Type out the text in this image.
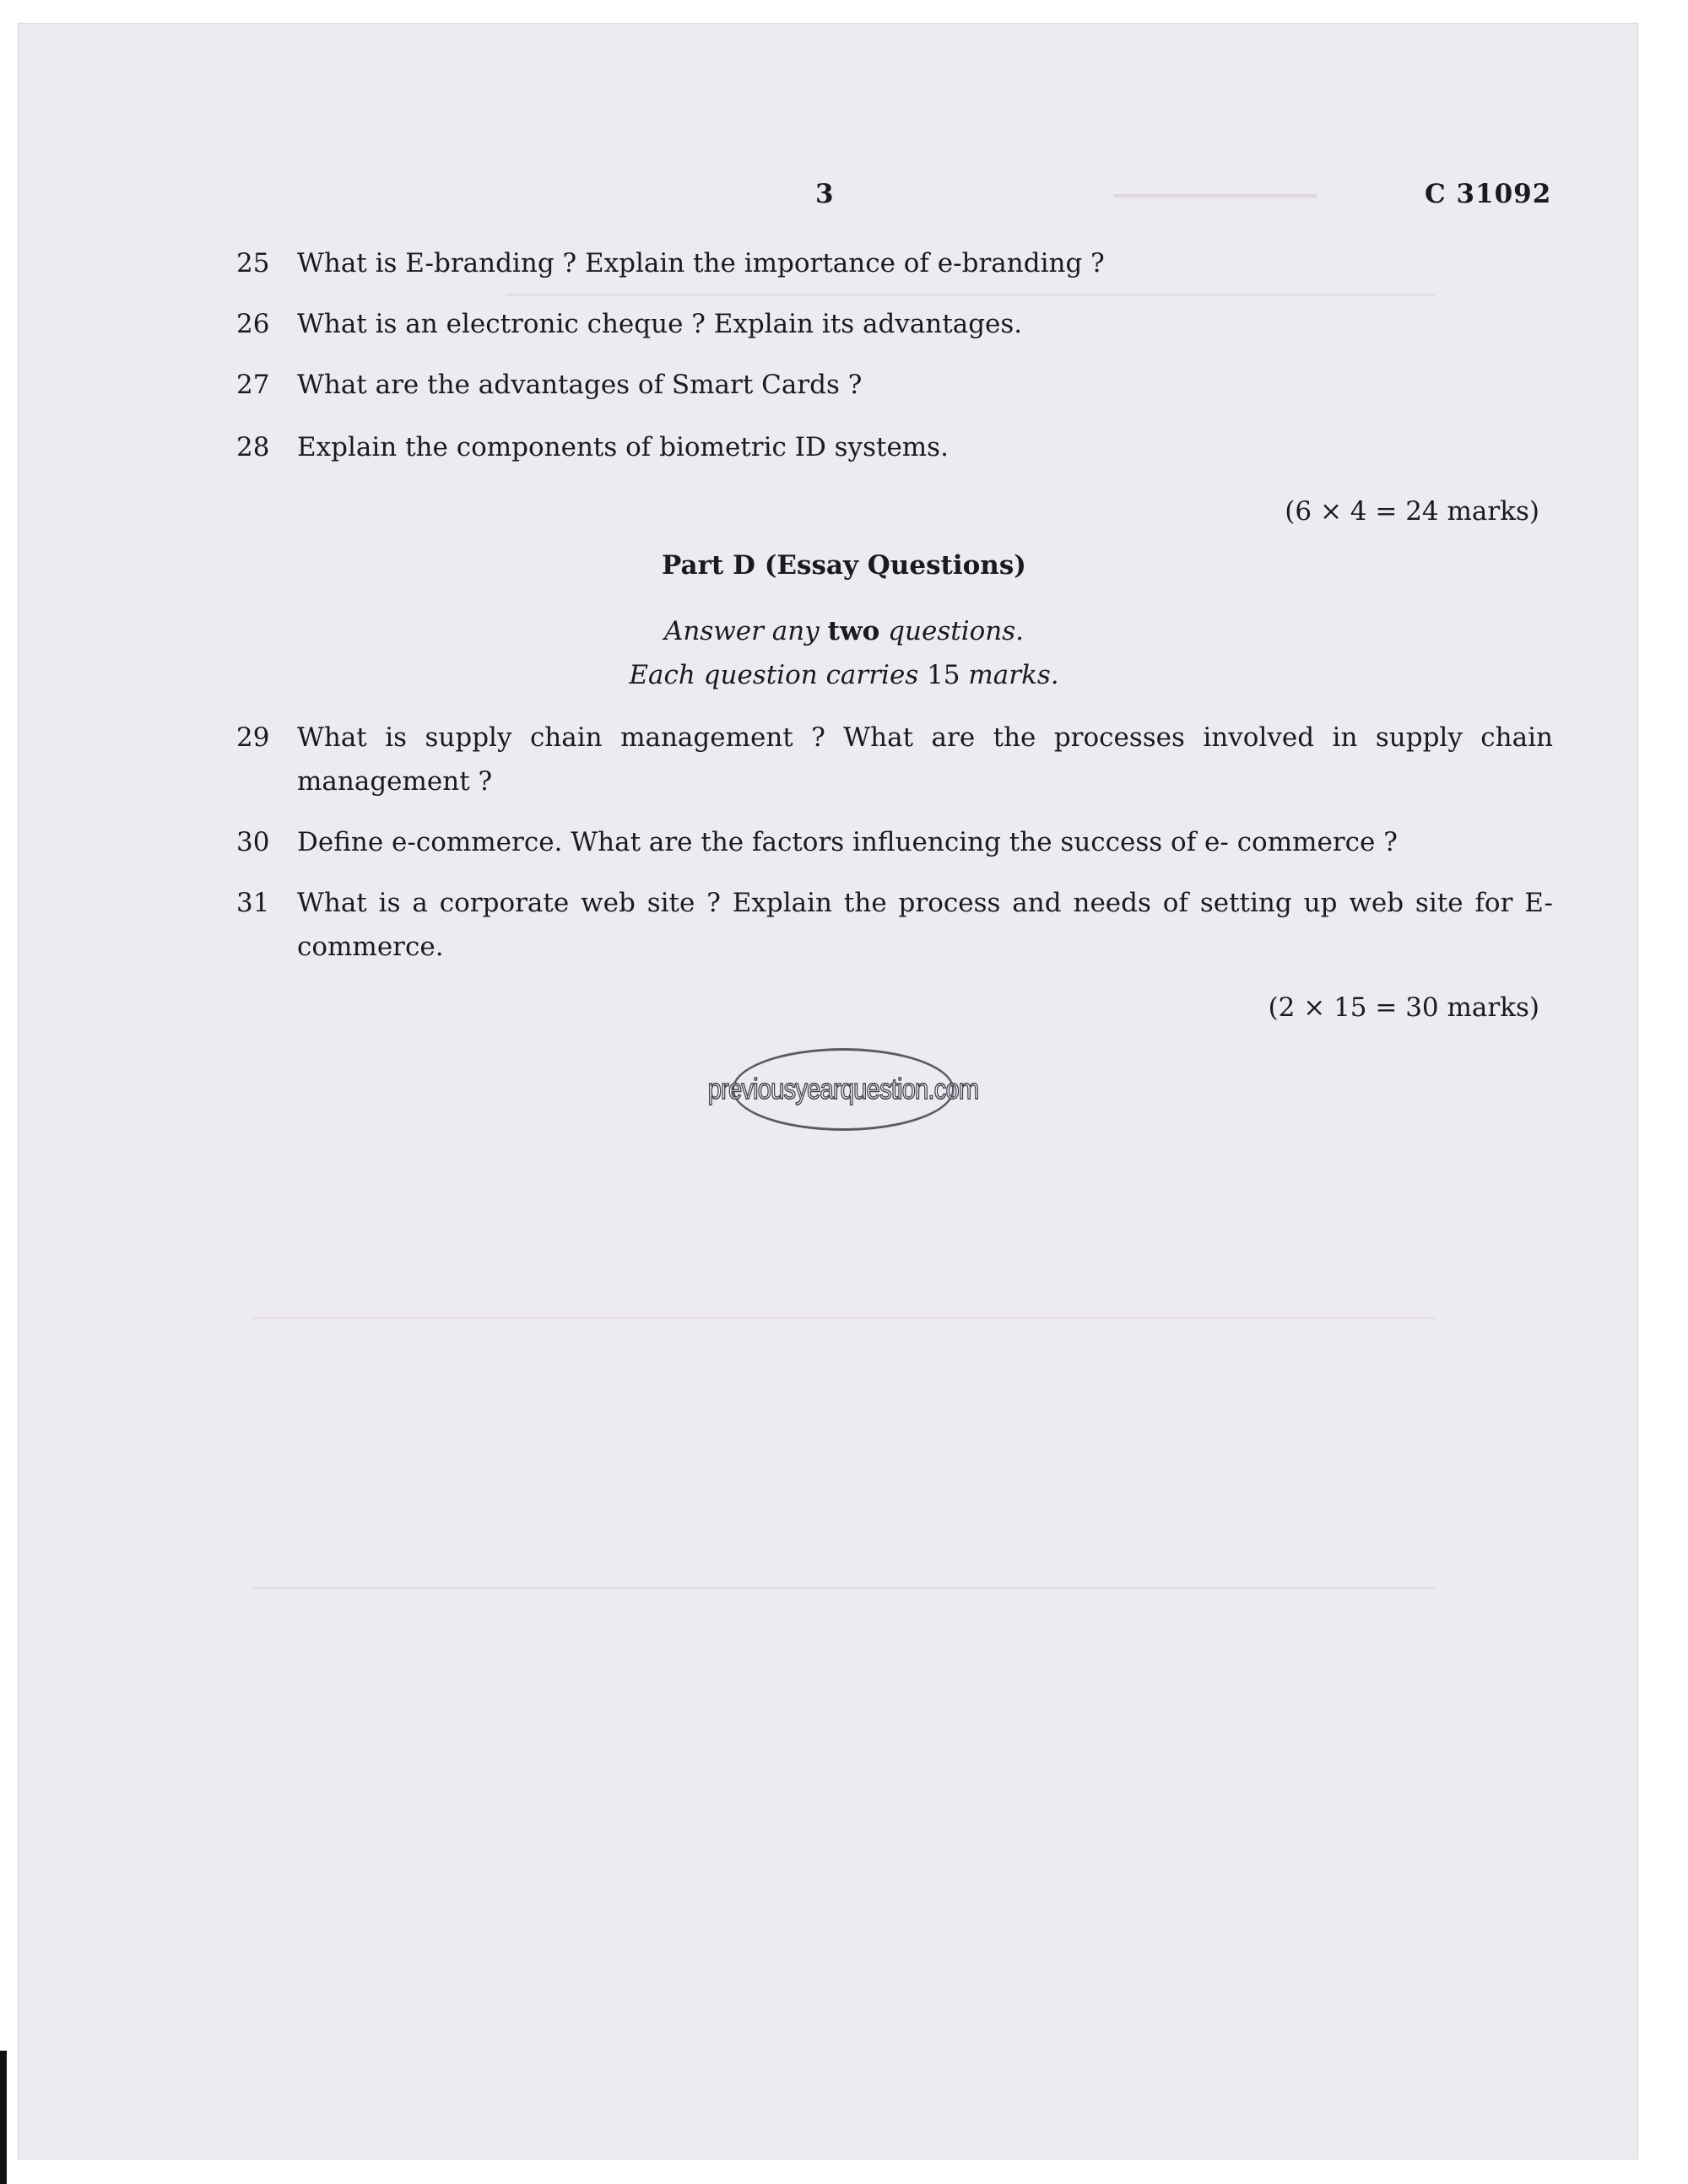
3	C 31092
25	What is E-branding ? Explain the importance of e-branding ?
26	What is an electronic cheque ? Explain its advantages.
27	What are the advantages of Smart Cards ?
28	Explain the components of biometric ID systems.
(6 × 4 = 24 marks)
Part D (Essay Questions)
Answer any two questions.
Each question carries 15 marks.
29	What is supply chain management ? What are the processes involved in supply chain management ?
30	Define e-commerce. What are the factors influencing the success of e- commerce ?
31	What is a corporate web site ? Explain the process and needs of setting up web site for E-commerce.
(2 × 15 = 30 marks)
previousyearquestion.com
